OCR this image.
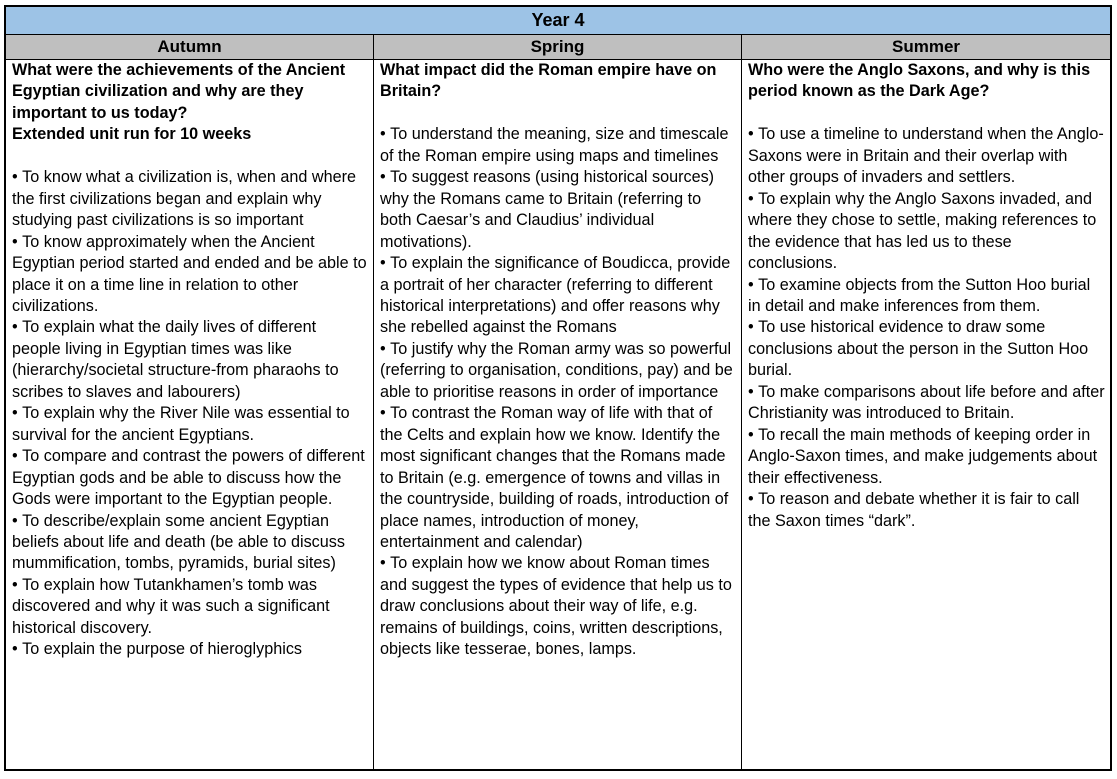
Year 4
Autumn	Spring	Summer

What were the achievements of the Ancient Egyptian civilization and why are they important to us today?

Extended unit run for 10 weeks

• To know what a civilization is, when and where the first civilizations began and explain why studying past civilizations is so important
• To know approximately when the Ancient Egyptian period started and ended and be able to place it on a time line in relation to other civilizations.
• To explain what the daily lives of different people living in Egyptian times was like (hierarchy/societal structure-from pharaohs to scribes to slaves and labourers)
• To explain why the River Nile was essential to survival for the ancient Egyptians.
• To compare and contrast the powers of different Egyptian gods and be able to discuss how the Gods were important to the Egyptian people.
• To describe/explain some ancient Egyptian beliefs about life and death (be able to discuss mummification, tombs, pyramids, burial sites)
• To explain how Tutankhamen’s tomb was discovered and why it was such a significant historical discovery.
• To explain the purpose of hieroglyphics

What impact did the Roman empire have on Britain?

• To understand the meaning, size and timescale of the Roman empire using maps and timelines
• To suggest reasons (using historical sources) why the Romans came to Britain (referring to both Caesar’s and Claudius’ individual motivations).
• To explain the significance of Boudicca, provide a portrait of her character (referring to different historical interpretations) and offer reasons why she rebelled against the Romans
• To justify why the Roman army was so powerful (referring to organisation, conditions, pay) and be able to prioritise reasons in order of importance
• To contrast the Roman way of life with that of the Celts and explain how we know. Identify the most significant changes that the Romans made to Britain (e.g. emergence of towns and villas in the countryside, building of roads, introduction of place names, introduction of money, entertainment and calendar)
• To explain how we know about Roman times and suggest the types of evidence that help us to draw conclusions about their way of life, e.g. remains of buildings, coins, written descriptions, objects like tesserae, bones, lamps.

Who were the Anglo Saxons, and why is this period known as the Dark Age?

• To use a timeline to understand when the Anglo-Saxons were in Britain and their overlap with other groups of invaders and settlers.
• To explain why the Anglo Saxons invaded, and where they chose to settle, making references to the evidence that has led us to these conclusions.
• To examine objects from the Sutton Hoo burial in detail and make inferences from them.
• To use historical evidence to draw some conclusions about the person in the Sutton Hoo burial.
• To make comparisons about life before and after Christianity was introduced to Britain.
• To recall the main methods of keeping order in Anglo-Saxon times, and make judgements about their effectiveness.
• To reason and debate whether it is fair to call the Saxon times “dark”.
